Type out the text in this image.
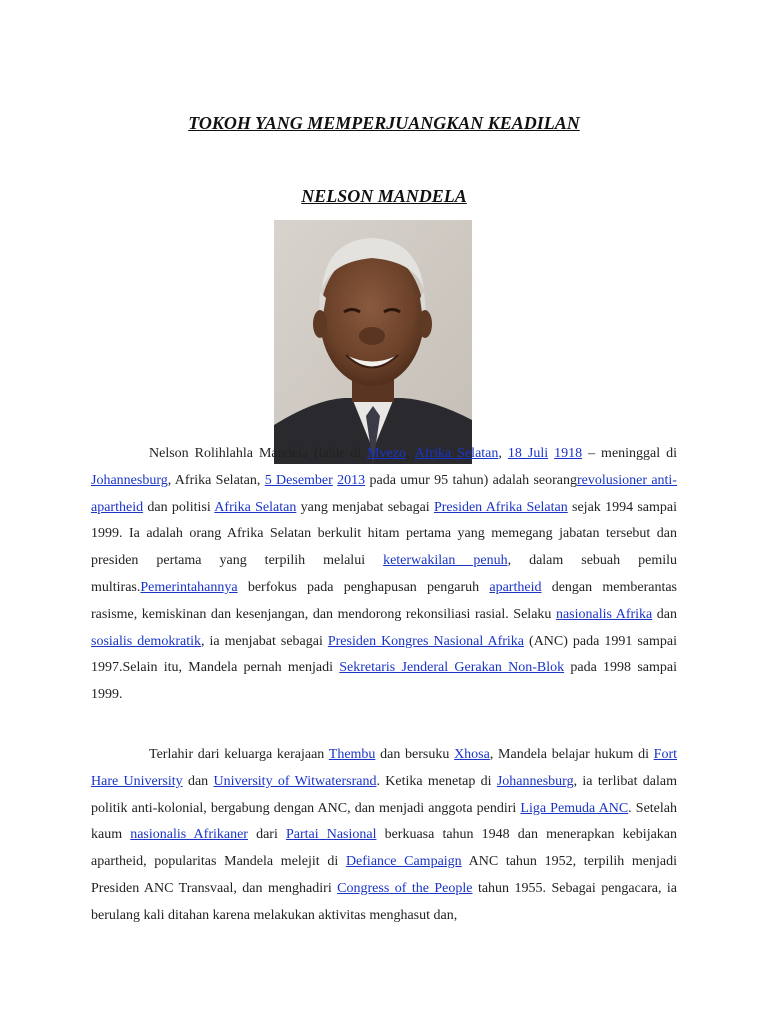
TOKOH YANG MEMPERJUANGKAN KEADILAN
NELSON MANDELA

Nelson Rolihlahla Mandela (lahir di Mvezo, Afrika Selatan, 18 Juli 1918 – meninggal di Johannesburg, Afrika Selatan, 5 Desember 2013 pada umur 95 tahun) adalah seorangrevolusioner anti-apartheid dan politisi Afrika Selatan yang menjabat sebagai Presiden Afrika Selatan sejak 1994 sampai 1999. Ia adalah orang Afrika Selatan berkulit hitam pertama yang memegang jabatan tersebut dan presiden pertama yang terpilih melalui keterwakilan penuh, dalam sebuah pemilu multiras.Pemerintahannya berfokus pada penghapusan pengaruh apartheid dengan memberantas rasisme, kemiskinan dan kesenjangan, dan mendorong rekonsiliasi rasial. Selaku nasionalis Afrika dan sosialis demokratik, ia menjabat sebagai Presiden Kongres Nasional Afrika (ANC) pada 1991 sampai 1997.Selain itu, Mandela pernah menjadi Sekretaris Jenderal Gerakan Non-Blok pada 1998 sampai 1999.

Terlahir dari keluarga kerajaan Thembu dan bersuku Xhosa, Mandela belajar hukum di Fort Hare University dan University of Witwatersrand. Ketika menetap di Johannesburg, ia terlibat dalam politik anti-kolonial, bergabung dengan ANC, dan menjadi anggota pendiri Liga Pemuda ANC. Setelah kaum nasionalis Afrikaner dari Partai Nasional berkuasa tahun 1948 dan menerapkan kebijakan apartheid, popularitas Mandela melejit di Defiance Campaign ANC tahun 1952, terpilih menjadi Presiden ANC Transvaal, dan menghadiri Congress of the People tahun 1955. Sebagai pengacara, ia berulang kali ditahan karena melakukan aktivitas menghasut dan,
